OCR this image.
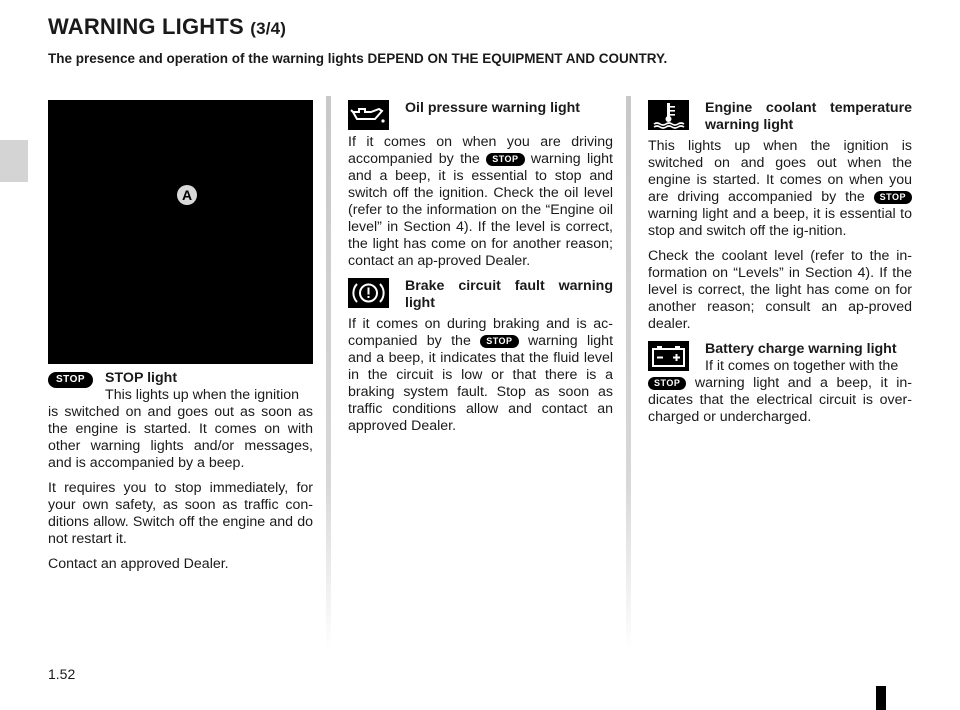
WARNING LIGHTS (3/4)

The presence and operation of the warning lights DEPEND ON THE EQUIPMENT AND COUNTRY.

A
STOP	STOP light
This lights up when the ignition

is switched on and goes out as soon as the engine is started. It comes on with other warning lights and/or messages, and is accompanied by a beep.

It requires you to stop immediately, for your own safety, as soon as traffic con-ditions allow. Switch off the engine and do not restart it.

Contact an approved Dealer.

Oil pressure warning light

If it comes on when you are driving accompanied by the STOP warning light and a beep, it is essential to stop and switch off the ignition. Check the oil level (refer to the information on the “Engine oil level” in Section 4). If the level is correct, the light has come on for another reason; contact an ap-proved Dealer.

Brake circuit fault warning light

If it comes on during braking and is ac-companied by the STOP warning light and a beep, it indicates that the fluid level in the circuit is low or that there is a braking system fault. Stop as soon as traffic conditions allow and contact an approved Dealer.

Engine coolant temperature warning light

This lights up when the ignition is switched on and goes out when the engine is started. It comes on when you are driving accompanied by the STOP warning light and a beep, it is essential to stop and switch off the ig-nition.

Check the coolant level (refer to the in-formation on “Levels” in Section 4). If the level is correct, the light has come on for another reason; consult an ap-proved dealer.

Battery charge warning light
If it comes on together with the

STOP warning light and a beep, it in-dicates that the electrical circuit is over-charged or undercharged.

1.52
